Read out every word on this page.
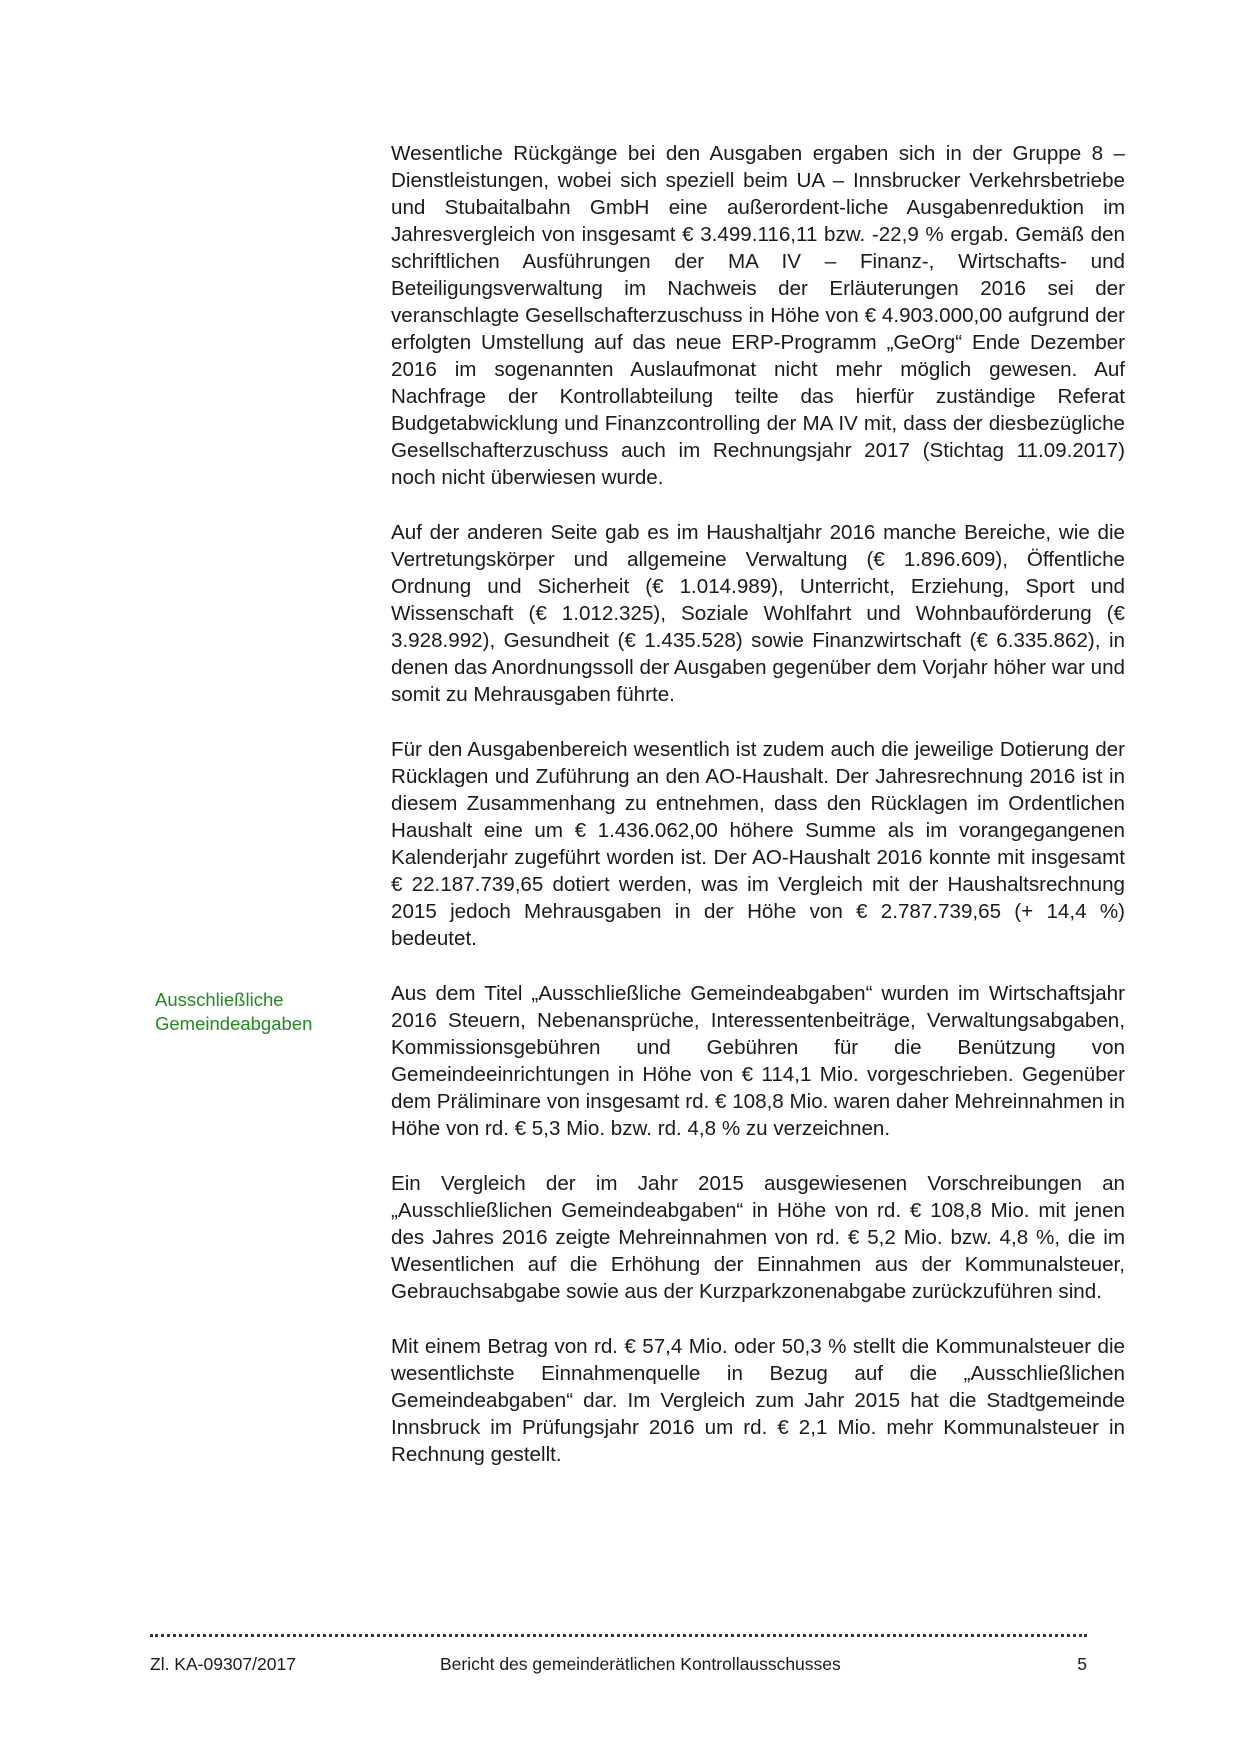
Ausschließliche
Gemeindeabgaben

Wesentliche Rückgänge bei den Ausgaben ergaben sich in der Gruppe 8 – Dienstleistungen, wobei sich speziell beim UA – Innsbrucker Verkehrsbetriebe und Stubaitalbahn GmbH eine außerordent-liche Ausgabenreduktion im Jahresvergleich von insgesamt € 3.499.116,11 bzw. -22,9 % ergab. Gemäß den schriftlichen Ausführungen der MA IV – Finanz-, Wirtschafts- und Beteiligungsverwaltung im Nachweis der Erläuterungen 2016 sei der veranschlagte Gesellschafterzuschuss in Höhe von € 4.903.000,00 aufgrund der erfolgten Umstellung auf das neue ERP-Programm „GeOrg“ Ende Dezember 2016 im sogenannten Auslaufmonat nicht mehr möglich gewesen. Auf Nachfrage der Kontrollabteilung teilte das hierfür zuständige Referat Budgetabwicklung und Finanzcontrolling der MA IV mit, dass der diesbezügliche Gesellschafterzuschuss auch im Rechnungsjahr 2017 (Stichtag 11.09.2017) noch nicht überwiesen wurde.

Auf der anderen Seite gab es im Haushaltjahr 2016 manche Bereiche, wie die Vertretungskörper und allgemeine Verwaltung (€ 1.896.609), Öffentliche Ordnung und Sicherheit (€ 1.014.989), Unterricht, Erziehung, Sport und Wissenschaft (€ 1.012.325), Soziale Wohlfahrt und Wohnbauförderung (€ 3.928.992), Gesundheit (€ 1.435.528) sowie Finanzwirtschaft (€ 6.335.862), in denen das Anordnungssoll der Ausgaben gegenüber dem Vorjahr höher war und somit zu Mehrausgaben führte.

Für den Ausgabenbereich wesentlich ist zudem auch die jeweilige Dotierung der Rücklagen und Zuführung an den AO-Haushalt. Der Jahresrechnung 2016 ist in diesem Zusammenhang zu entnehmen, dass den Rücklagen im Ordentlichen Haushalt eine um € 1.436.062,00 höhere Summe als im vorangegangenen Kalenderjahr zugeführt worden ist. Der AO-Haushalt 2016 konnte mit insgesamt € 22.187.739,65 dotiert werden, was im Vergleich mit der Haushaltsrechnung 2015 jedoch Mehrausgaben in der Höhe von € 2.787.739,65 (+ 14,4 %) bedeutet.

Aus dem Titel „Ausschließliche Gemeindeabgaben“ wurden im Wirtschaftsjahr 2016 Steuern, Nebenansprüche, Interessentenbeiträge, Verwaltungsabgaben, Kommissionsgebühren und Gebühren für die Benützung von Gemeindeeinrichtungen in Höhe von € 114,1 Mio. vorgeschrieben. Gegenüber dem Präliminare von insgesamt rd. € 108,8 Mio. waren daher Mehreinnahmen in Höhe von rd. € 5,3 Mio. bzw. rd. 4,8 % zu verzeichnen.

Ein Vergleich der im Jahr 2015 ausgewiesenen Vorschreibungen an „Ausschließlichen Gemeindeabgaben“ in Höhe von rd. € 108,8 Mio. mit jenen des Jahres 2016 zeigte Mehreinnahmen von rd. € 5,2 Mio. bzw. 4,8 %, die im Wesentlichen auf die Erhöhung der Einnahmen aus der Kommunalsteuer, Gebrauchsabgabe sowie aus der Kurzparkzonenabgabe zurückzuführen sind.

Mit einem Betrag von rd. € 57,4 Mio. oder 50,3 % stellt die Kommunalsteuer die wesentlichste Einnahmenquelle in Bezug auf die „Ausschließlichen Gemeindeabgaben“ dar. Im Vergleich zum Jahr 2015 hat die Stadtgemeinde Innsbruck im Prüfungsjahr 2016 um rd. € 2,1 Mio. mehr Kommunalsteuer in Rechnung gestellt.

Zl. KA-09307/2017	Bericht des gemeinderätlichen Kontrollausschusses	5
